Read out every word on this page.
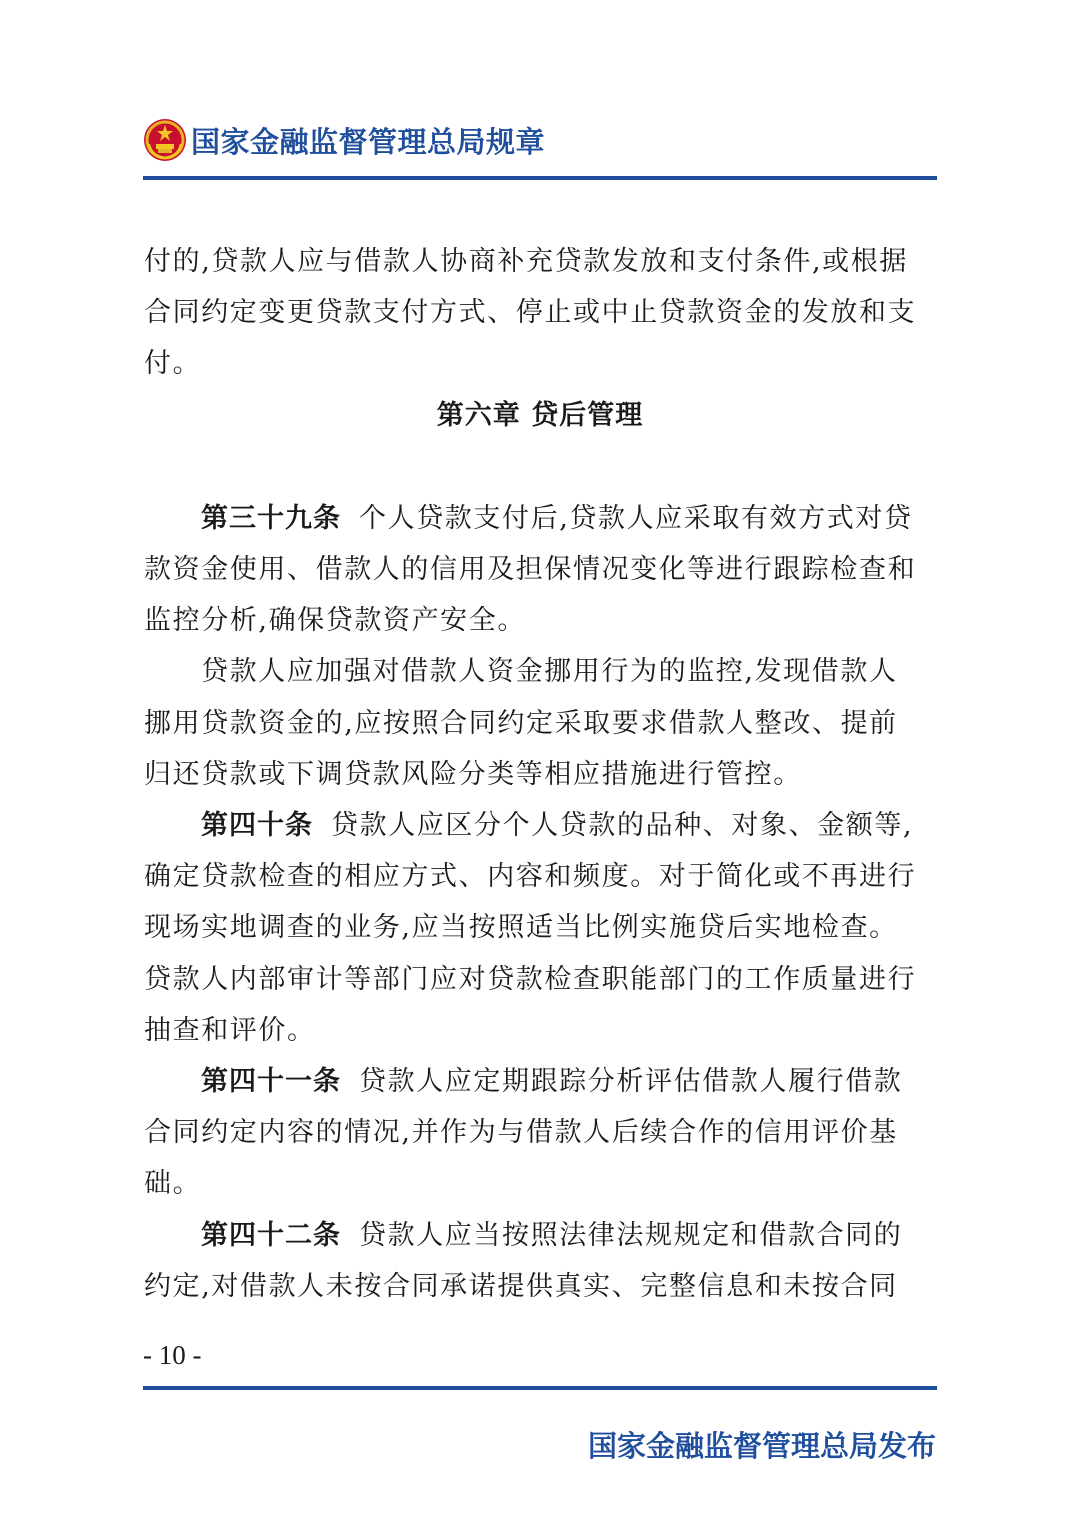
国家金融监督管理总局规章

付的,贷款人应与借款人协商补充贷款发放和支付条件,或根据

合同约定变更贷款支付方式、停止或中止贷款资金的发放和支

付。

第六章 贷后管理

第三十九条 个人贷款支付后,贷款人应采取有效方式对贷

款资金使用、借款人的信用及担保情况变化等进行跟踪检查和

监控分析,确保贷款资产安全。

贷款人应加强对借款人资金挪用行为的监控,发现借款人

挪用贷款资金的,应按照合同约定采取要求借款人整改、提前

归还贷款或下调贷款风险分类等相应措施进行管控。

第四十条 贷款人应区分个人贷款的品种、对象、金额等,

确定贷款检查的相应方式、内容和频度。对于简化或不再进行

现场实地调查的业务,应当按照适当比例实施贷后实地检查。

贷款人内部审计等部门应对贷款检查职能部门的工作质量进行

抽查和评价。

第四十一条 贷款人应定期跟踪分析评估借款人履行借款

合同约定内容的情况,并作为与借款人后续合作的信用评价基

础。

第四十二条 贷款人应当按照法律法规规定和借款合同的

约定,对借款人未按合同承诺提供真实、完整信息和未按合同

- 10 -
国家金融监督管理总局发布
